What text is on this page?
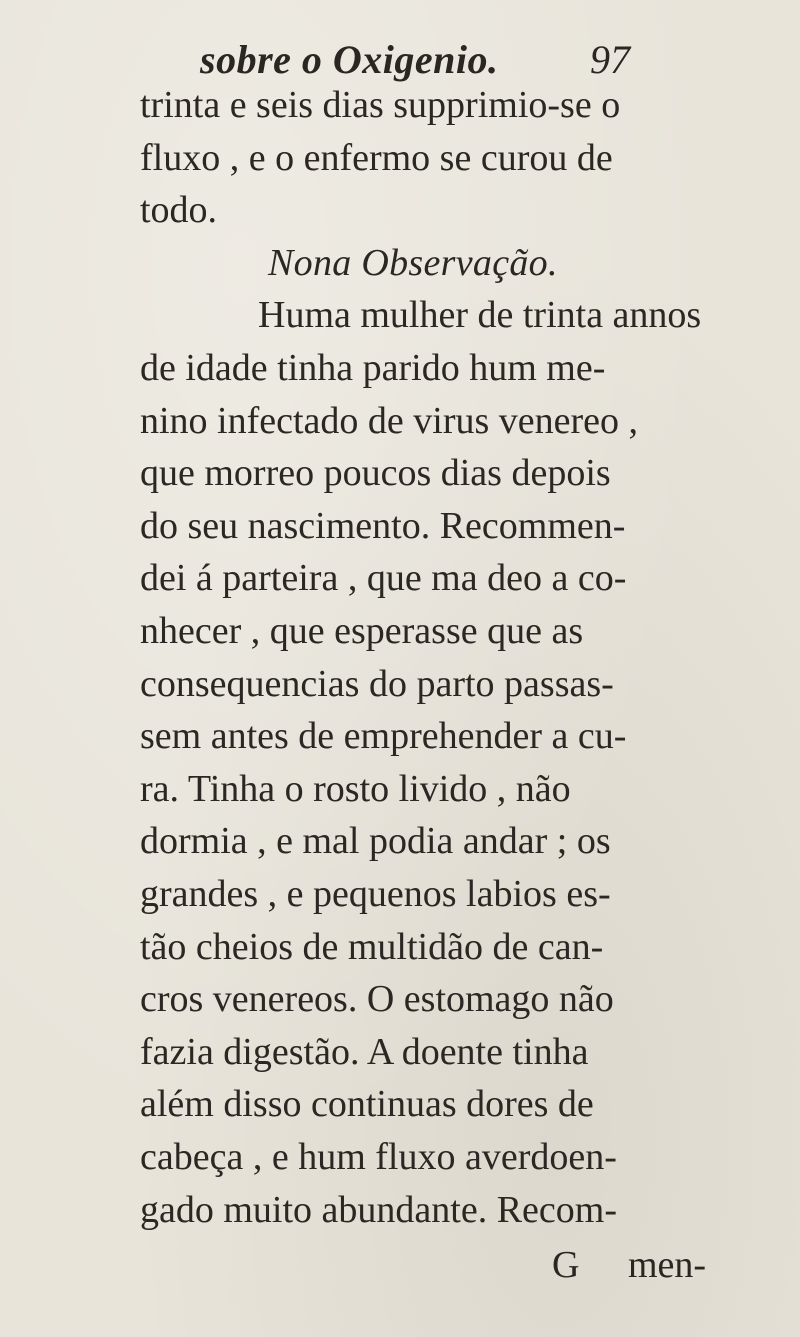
sobre o Oxigenio. 97
trinta e seis dias supprimio-se o
fluxo , e o enfermo se curou de
todo.
Nona Observação.
Huma mulher de trinta annos
de idade tinha parido hum me-
nino infectado de virus venereo ,
que morreo poucos dias depois
do seu nascimento. Recommen-
dei á parteira , que ma deo a co-
nhecer , que esperasse que as
consequencias do parto passas-
sem antes de emprehender a cu-
ra. Tinha o rosto livido , não
dormia , e mal podia andar ; os
grandes , e pequenos labios es-
tão cheios de multidão de can-
cros venereos. O estomago não
fazia digestão. A doente tinha
além disso continuas dores de
cabeça , e hum fluxo averdoen-
gado muito abundante. Recom-
G men-
